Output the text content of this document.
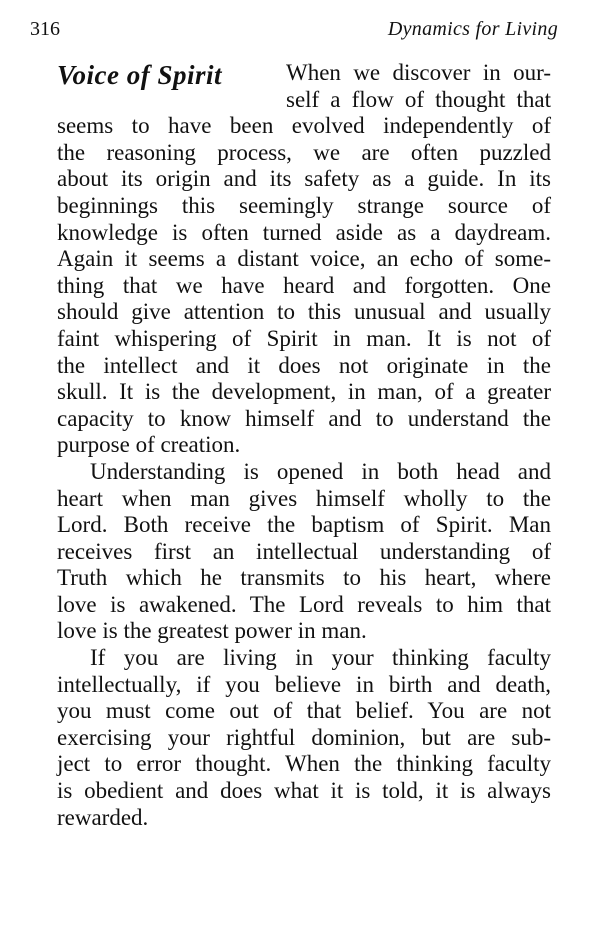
316	Dynamics for Living
Voice of Spirit	When we discover in our-
self a flow of thought that
seems to have been evolved independently of
the reasoning process, we are often puzzled
about its origin and its safety as a guide. In its
beginnings this seemingly strange source of
knowledge is often turned aside as a daydream.
Again it seems a distant voice, an echo of some-
thing that we have heard and forgotten. One
should give attention to this unusual and usually
faint whispering of Spirit in man. It is not of
the intellect and it does not originate in the
skull. It is the development, in man, of a greater
capacity to know himself and to understand the
purpose of creation.
Understanding is opened in both head and
heart when man gives himself wholly to the
Lord. Both receive the baptism of Spirit. Man
receives first an intellectual understanding of
Truth which he transmits to his heart, where
love is awakened. The Lord reveals to him that
love is the greatest power in man.
If you are living in your thinking faculty
intellectually, if you believe in birth and death,
you must come out of that belief. You are not
exercising your rightful dominion, but are sub-
ject to error thought. When the thinking faculty
is obedient and does what it is told, it is always
rewarded.
